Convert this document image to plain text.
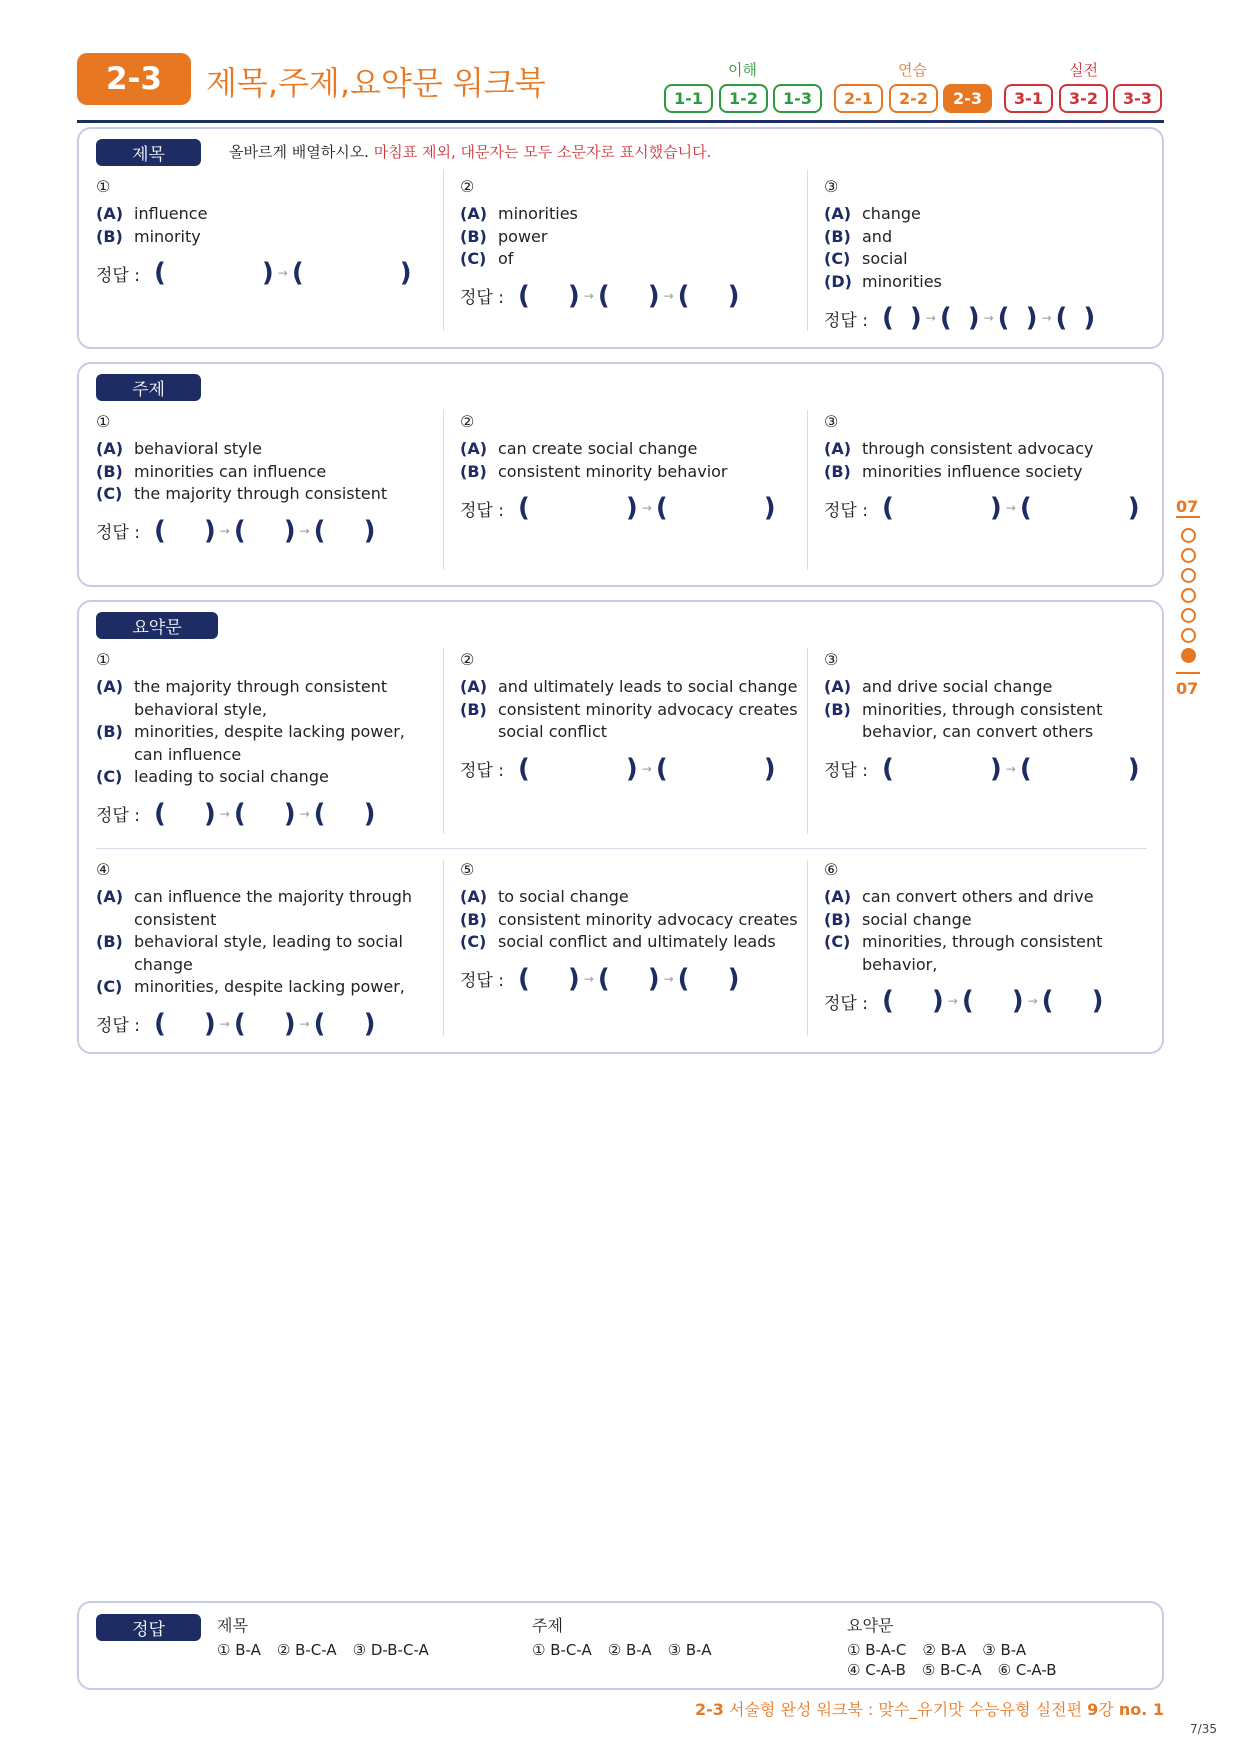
2-3	제목,주제,요약문 워크북	이해	연습	실전
1-1	1-2	1-3	2-1	2-2	2-3	3-1	3-2	3-3
제목	올바르게 배열하시오. 마침표 제외, 대문자는 모두 소문자로 표시했습니다.
①
(A) influence
(B) minority
정답 : (	) → (	)
②
(A) minorities
(B) power
(C) of
정답 : ( ) → ( ) → ( )
③
(A) change
(B) and
(C) social
(D) minorities
정답 : ( ) → ( ) → ( ) → ( )
주제
①
(A) behavioral style
(B) minorities can influence
(C) the majority through consistent
정답 : ( ) → ( ) → ( )
②
(A) can create social change
(B) consistent minority behavior
정답 : (	) → (	)
③
(A) through consistent advocacy
(B) minorities influence society
정답 : (	) → (	)
요약문
①
(A) the majority through consistent behavioral style,
(B) minorities, despite lacking power, can influence
(C) leading to social change
정답 : ( ) → ( ) → ( )
②
(A) and ultimately leads to social change
(B) consistent minority advocacy creates social conflict
정답 : (	) → (	)
③
(A) and drive social change
(B) minorities, through consistent behavior, can convert others
정답 : (	) → (	)
④
(A) can influence the majority through consistent
(B) behavioral style, leading to social change
(C) minorities, despite lacking power,
정답 : ( ) → ( ) → ( )
⑤
(A) to social change
(B) consistent minority advocacy creates
(C) social conflict and ultimately leads
정답 : ( ) → ( ) → ( )
⑥
(A) can convert others and drive
(B) social change
(C) minorities, through consistent behavior,
정답 : ( ) → ( ) → ( )
07
07
정답	제목
① B-A ② B-C-A ③ D-B-C-A
주제
① B-C-A ② B-A ③ B-A
요약문
① B-A-C ② B-A ③ B-A
④ C-A-B ⑤ B-C-A ⑥ C-A-B
2-3 서술형 완성 워크북 : 맞수_유기맛 수능유형 실전편 9강 no. 1
7/35
